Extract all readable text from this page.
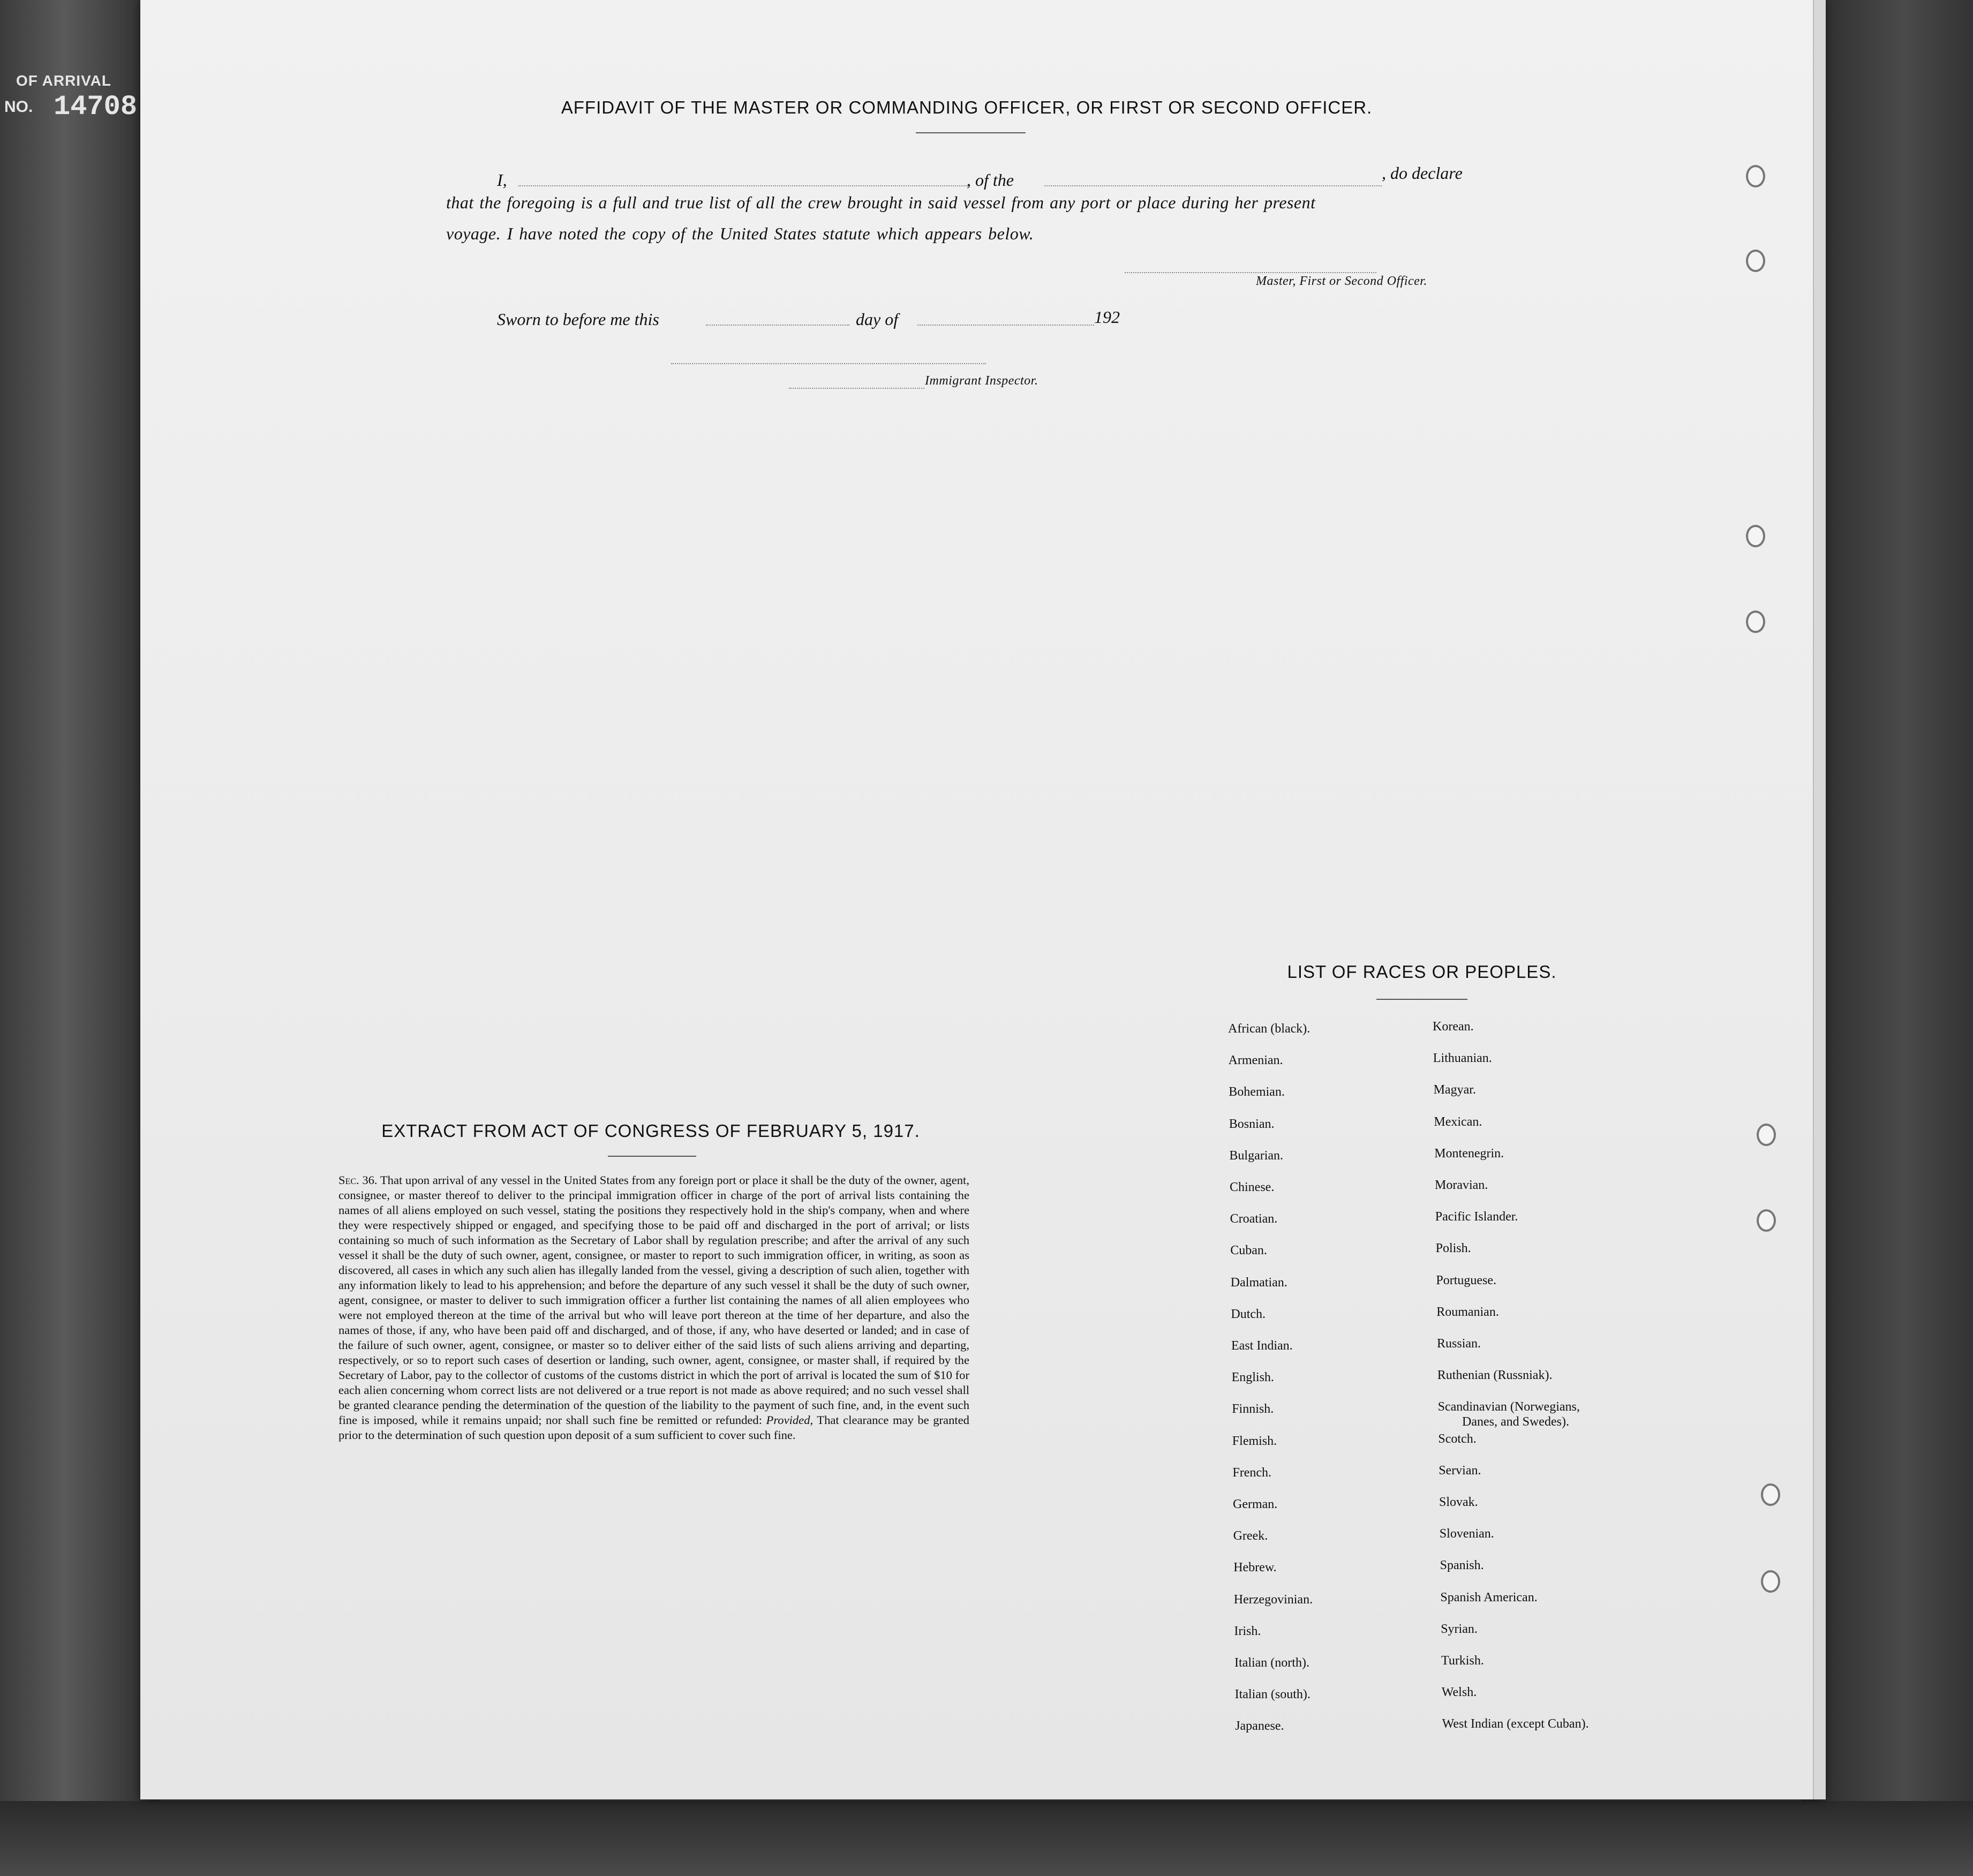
OF ARRIVAL
NO. 14708	AFFIDAVIT OF THE MASTER OR COMMANDING OFFICER, OR FIRST OR SECOND OFFICER.
I,	, of the	, do declare
that the foregoing is a full and true list of all the crew brought in said vessel from any port or place during her present
voyage. I have noted the copy of the United States statute which appears below.
Master, First or Second Officer.
Sworn to before me this	day of	192
Immigrant Inspector.
EXTRACT FROM ACT OF CONGRESS OF FEBRUARY 5, 1917.
Sec. 36. That upon arrival of any vessel in the United States from any foreign port or place it shall be the duty of the owner, agent, consignee, or master thereof to deliver to the principal immigration officer in charge of the port of arrival lists containing the names of all aliens employed on such vessel, stating the positions they respectively hold in the ship's company, when and where they were respectively shipped or engaged, and specifying those to be paid off and discharged in the port of arrival; or lists containing so much of such information as the Secretary of Labor shall by regulation prescribe; and after the arrival of any such vessel it shall be the duty of such owner, agent, consignee, or master to report to such immigration officer, in writing, as soon as discovered, all cases in which any such alien has illegally landed from the vessel, giving a description of such alien, together with any information likely to lead to his apprehension; and before the departure of any such vessel it shall be the duty of such owner, agent, consignee, or master to deliver to such immigration officer a further list containing the names of all alien employees who were not employed thereon at the time of the arrival but who will leave port thereon at the time of her departure, and also the names of those, if any, who have been paid off and discharged, and of those, if any, who have deserted or landed; and in case of the failure of such owner, agent, consignee, or master so to deliver either of the said lists of such aliens arriving and departing, respectively, or so to report such cases of desertion or landing, such owner, agent, consignee, or master shall, if required by the Secretary of Labor, pay to the collector of customs of the customs district in which the port of arrival is located the sum of $10 for each alien concerning whom correct lists are not delivered or a true report is not made as above required; and no such vessel shall be granted clearance pending the determination of the question of the liability to the payment of such fine, and, in the event such fine is imposed, while it remains unpaid; nor shall such fine be remitted or refunded: Provided, That clearance may be granted prior to the determination of such question upon deposit of a sum sufficient to cover such fine.
LIST OF RACES OR PEOPLES.
African (black).
Armenian.
Bohemian.
Bosnian.
Bulgarian.
Chinese.
Croatian.
Cuban.
Dalmatian.
Dutch.
East Indian.
English.
Finnish.
Flemish.
French.
German.
Greek.
Hebrew.
Herzegovinian.
Irish.
Italian (north).
Italian (south).
Japanese.
Korean.
Lithuanian.
Magyar.
Mexican.
Montenegrin.
Moravian.
Pacific Islander.
Polish.
Portuguese.
Roumanian.
Russian.
Ruthenian (Russniak).
Scandinavian (Norwegians,
Scotch.
Servian.
Slovak.
Slovenian.
Spanish.
Spanish American.
Syrian.
Turkish.
Welsh.
West Indian (except Cuban).
Danes, and Swedes).
